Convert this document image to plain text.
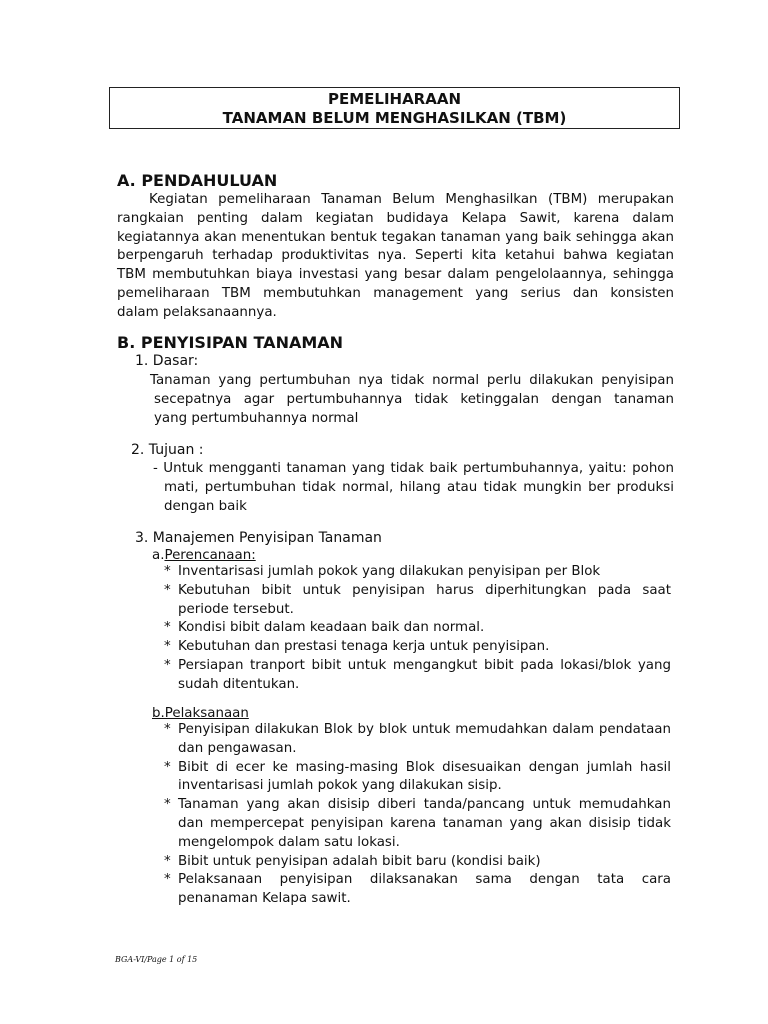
PEMELIHARAAN
TANAMAN BELUM MENGHASILKAN (TBM)
A. PENDAHULUAN
Kegiatan pemeliharaan Tanaman Belum Menghasilkan (TBM) merupakan
rangkaian penting dalam kegiatan budidaya Kelapa Sawit, karena dalam
kegiatannya akan menentukan bentuk tegakan tanaman yang baik sehingga akan
berpengaruh terhadap produktivitas nya. Seperti kita ketahui bahwa kegiatan
TBM membutuhkan biaya investasi yang besar dalam pengelolaannya, sehingga
pemeliharaan TBM membutuhkan management yang serius dan konsisten
dalam pelaksanaannya.
B. PENYISIPAN TANAMAN
1. Dasar:
Tanaman yang pertumbuhan nya tidak normal perlu dilakukan penyisipan
secepatnya agar pertumbuhannya tidak ketinggalan dengan tanaman
yang pertumbuhannya normal
2. Tujuan :
- Untuk mengganti tanaman yang tidak baik pertumbuhannya, yaitu: pohon
mati, pertumbuhan tidak normal, hilang atau tidak mungkin ber produksi
dengan baik
3. Manajemen Penyisipan Tanaman
a.Perencanaan:
* Inventarisasi jumlah pokok yang dilakukan penyisipan per Blok
* Kebutuhan bibit untuk penyisipan harus diperhitungkan pada saat
periode tersebut.
* Kondisi bibit dalam keadaan baik dan normal.
* Kebutuhan dan prestasi tenaga kerja untuk penyisipan.
* Persiapan tranport bibit untuk mengangkut bibit pada lokasi/blok yang
sudah ditentukan.
b.Pelaksanaan
* Penyisipan dilakukan Blok by blok untuk memudahkan dalam pendataan
dan pengawasan.
* Bibit di ecer ke masing-masing Blok disesuaikan dengan jumlah hasil
inventarisasi jumlah pokok yang dilakukan sisip.
* Tanaman yang akan disisip diberi tanda/pancang untuk memudahkan
dan mempercepat penyisipan karena tanaman yang akan disisip tidak
mengelompok dalam satu lokasi.
* Bibit untuk penyisipan adalah bibit baru (kondisi baik)
* Pelaksanaan penyisipan dilaksanakan sama dengan tata cara
penanaman Kelapa sawit.
BGA-VI/Page 1 of 15
